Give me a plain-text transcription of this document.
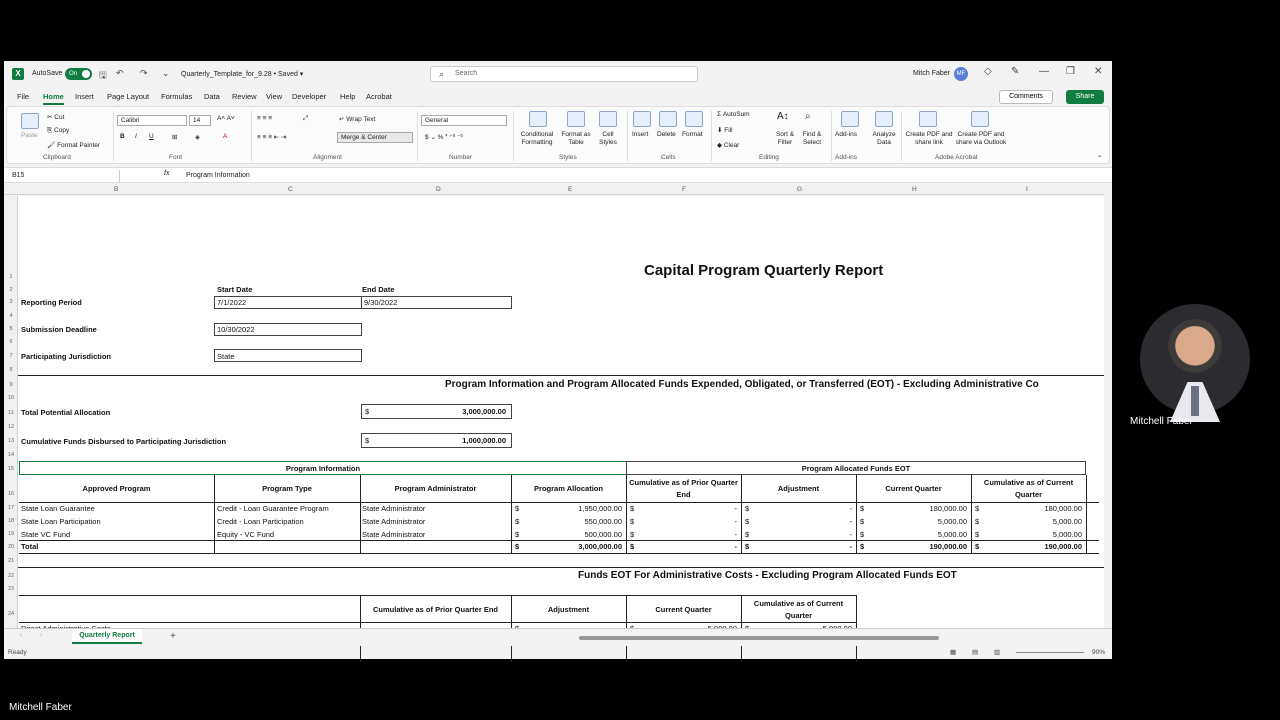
X	AutoSave	On	🖫 ↶ ↷ ⌄ Quarterly_Template_for_9.28 • Saved ▾	⌕ Search	Mitch Faber	MF ◇ ✎ — ❐ ✕
File Home Insert Page Layout Formulas Data Review View Developer Help Acrobat	Comments	Share
Paste
✂ Cut
⎘ Copy
🖌 Format Painter
Clipboard
Calibri	14	A˄ A˅
B I U	⊞	◈	A
Font
≡ ≡ ≡	⤢	↵ Wrap Text
≡ ≡ ≡ ⇤ ⇥	Merge & Center
Alignment
General
$ ⌄ % ❜ ⁺⁰ ⁻⁰
Number
Conditional Formatting
Format as Table
Cell Styles
Styles
Insert Delete Format
Cells
Σ AutoSum
⬇ Fill
◆ Clear
A↕
Sort & Filter
⌕
Find & Select
Editing
Add-ins
Add-ins
Analyze Data
Create PDF and share link
Create PDF and share via Outlook
Adobe Acrobat	⌄
B15	fx Program Information
B	C	D	E	F	G	H	I
1
2
3
4
5
6
7
8
9
10
11
12
13
14
15
16
17
18
19
20
21
22
23
24
Capital Program Quarterly Report
Start Date	End Date
Reporting Period	7/1/2022	9/30/2022
Submission Deadline	10/30/2022
Participating Jurisdiction	State
Program Information and Program Allocated Funds Expended, Obligated, or Transferred (EOT) - Excluding Administrative Co
Total Potential Allocation	$	3,000,000.00
Cumulative Funds Disbursed to Participating Jurisdiction	$	1,000,000.00
Program Information	Program Allocated Funds EOT
Approved Program	Program Type	Program Administrator	Program Allocation
Cumulative as of Prior Quarter End
Adjustment	Current Quarter
Cumulative as of Current Quarter
State Loan Guarantee	Credit - Loan Guarantee Program	State Administrator	$	1,950,000.00 $	- $	- $	180,000.00 $	180,000.00
State Loan Participation	Credit - Loan Participation	State Administrator	$	550,000.00 $	- $	- $	5,000.00 $	5,000.00
State VC Fund	Equity - VC Fund	State Administrator	$	500,000.00 $	- $	- $	5,000.00 $	5,000.00
Total	$	3,000,000.00 $	- $	- $	190,000.00 $	190,000.00
Funds EOT For Administrative Costs - Excluding Program Allocated Funds EOT
Cumulative as of Prior Quarter End	Adjustment	Current Quarter
Cumulative as of Current Quarter
‹	›	Quarterly Report	+
Ready	▦ ▤ ▥	90%
Mitchell Faber
Mitchell Faber
